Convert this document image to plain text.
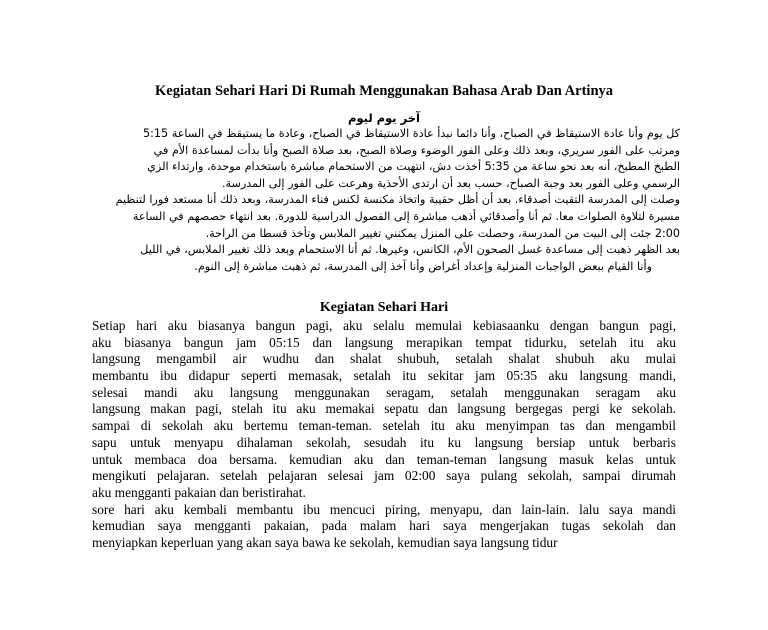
Kegiatan Sehari Hari Di Rumah Menggunakan Bahasa Arab Dan Artinya
آخر يوم ليوم
كل يوم وأنا عادة الاستيقاظ في الصباح، وأنا دائما نبدأ عادة الاستيقاظ في الصباح، وعادة ما يستيقظ في الساعة 5:15
ومرتب على الفور سريري، وبعد ذلك وعلى الفور الوضوء وصلاة الصبح، بعد صلاة الصبح وأنا بدأت لمساعدة الأم في
الطبخ المطبخ، أنه بعد نحو ساعة من 5:35 أخذت دش، انتهيت من الاستحمام مباشرة باستخدام موحدة، وارتداء الزي
الرسمي وعلى الفور بعد وجبة الصباح، حسب بعد أن ارتدى الأحذية وهرعت على الفور إلى المدرسة.
وصلت إلى المدرسة التقيت أصدقاء. بعد أن أظل حقيبة واتخاذ مكنسة لكنس فناء المدرسة، وبعد ذلك أنا مستعد فورا لتنظيم
مسيرة لتلاوة الصلوات معا. ثم أنا وأصدقائي أذهب مباشرة إلى الفصول الدراسية للدورة. بعد انتهاء حصصهم في الساعة
2:00 جئت إلى البيت من المدرسة، وحصلت على المنزل يمكنني تغيير الملابس وتأخذ قسطا من الراحة.
بعد الظهر ذهبت إلى مساعدة غسل الصحون الأم، الكانس، وغيرها. ثم أنا الاستحمام وبعد ذلك تغيير الملابس، في الليل
وأنا القيام ببعض الواجبات المنزلية وإعداد أغراض وأنا آخذ إلى المدرسة، ثم ذهبت مباشرة إلى النوم.
Kegiatan Sehari Hari
Setiap hari aku biasanya bangun pagi, aku selalu memulai kebiasaanku dengan bangun pagi,
aku biasanya bangun jam 05:15 dan langsung merapikan tempat tidurku, setelah itu aku
langsung mengambil air wudhu dan shalat shubuh, setalah shalat shubuh aku mulai
membantu ibu didapur seperti memasak, setalah itu sekitar jam 05:35 aku langsung mandi,
selesai mandi aku langsung menggunakan seragam, setalah menggunakan seragam aku
langsung makan pagi, stelah itu aku memakai sepatu dan langsung bergegas pergi ke sekolah.
sampai di sekolah aku bertemu teman-teman. setelah itu aku menyimpan tas dan mengambil
sapu untuk menyapu dihalaman sekolah, sesudah itu ku langsung bersiap untuk berbaris
untuk membaca doa bersama. kemudian aku dan teman-teman langsung masuk kelas untuk
mengikuti pelajaran. setelah pelajaran selesai jam 02:00 saya pulang sekolah, sampai dirumah
aku mengganti pakaian dan beristirahat.
sore hari aku kembali membantu ibu mencuci piring, menyapu, dan lain-lain. lalu saya mandi
kemudian saya mengganti pakaian, pada malam hari saya mengerjakan tugas sekolah dan
menyiapkan keperluan yang akan saya bawa ke sekolah, kemudian saya langsung tidur
